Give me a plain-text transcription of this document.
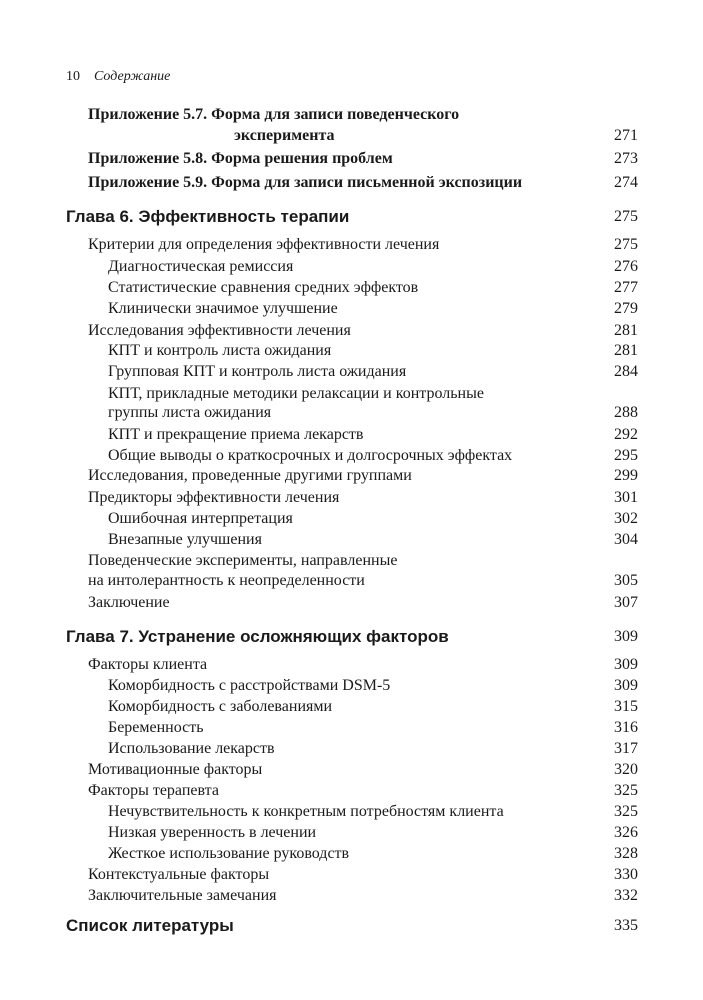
10 Содержание
Приложение 5.7. Форма для записи поведенческого
эксперимента	271
Приложение 5.8. Форма решения проблем	273
Приложение 5.9. Форма для записи письменной экспозиции	274
Глава 6. Эффективность терапии	275
Критерии для определения эффективности лечения	275
Диагностическая ремиссия	276
Статистические сравнения средних эффектов	277
Клинически значимое улучшение	279
Исследования эффективности лечения	281
КПТ и контроль листа ожидания	281
Групповая КПТ и контроль листа ожидания	284
КПТ, прикладные методики релаксации и контрольные
группы листа ожидания	288
КПТ и прекращение приема лекарств	292
Общие выводы о краткосрочных и долгосрочных эффектах	295
Исследования, проведенные другими группами	299
Предикторы эффективности лечения	301
Ошибочная интерпретация	302
Внезапные улучшения	304
Поведенческие эксперименты, направленные
на интолерантность к неопределенности	305
Заключение	307
Глава 7. Устранение осложняющих факторов	309
Факторы клиента	309
Коморбидность с расстройствами DSM-5	309
Коморбидность с заболеваниями	315
Беременность	316
Использование лекарств	317
Мотивационные факторы	320
Факторы терапевта	325
Нечувствительность к конкретным потребностям клиента	325
Низкая уверенность в лечении	326
Жесткое использование руководств	328
Контекстуальные факторы	330
Заключительные замечания	332
Список литературы	335
